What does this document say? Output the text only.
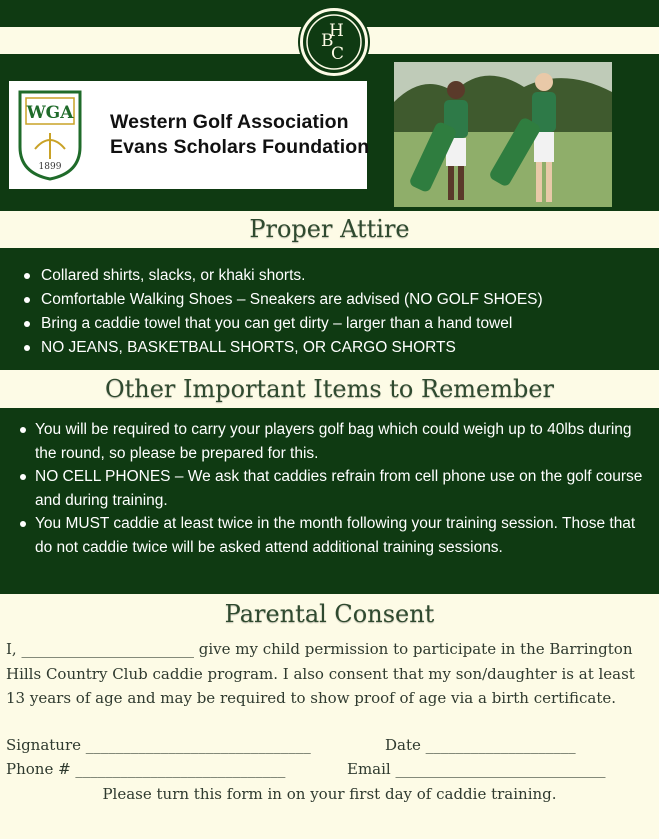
B
H
C
WGA
1899
Western Golf Association
Evans Scholars Foundation
Proper Attire
Collared shirts, slacks, or khaki shorts.
Comfortable Walking Shoes – Sneakers are advised (NO GOLF SHOES)
Bring a caddie towel that you can get dirty – larger than a hand towel
NO JEANS, BASKETBALL SHORTS, OR CARGO SHORTS
Other Important Items to Remember
You will be required to carry your players golf bag which could weigh up to 40lbs during the round, so please be prepared for this.
NO CELL PHONES – We ask that caddies refrain from cell phone use on the golf course and during training.
You MUST caddie at least twice in the month following your training session. Those that do not caddie twice will be asked attend additional training sessions.
Parental Consent
I, _______________________ give my child permission to participate in the Barrington Hills Country Club caddie program. I also consent that my son/daughter is at least 13 years of age and may be required to show proof of age via a birth certificate.
Signature ______________________________	Date ____________________
Phone # ____________________________	Email ____________________________
Please turn this form in on your first day of caddie training.
